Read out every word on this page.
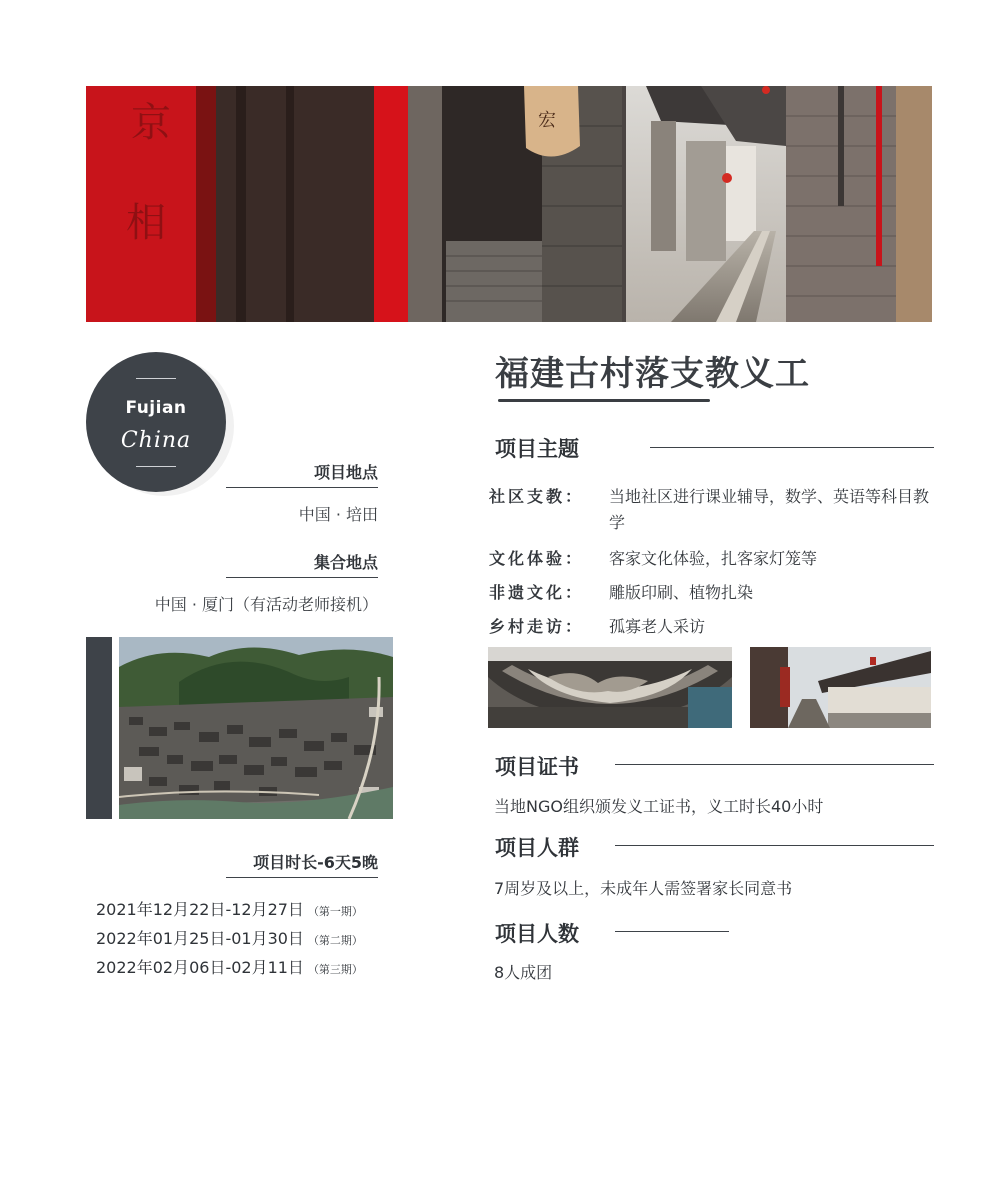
京
相
宏
Fujian
China
项目地点
中国 · 培田
集合地点
中国 · 厦门（有活动老师接机）
项目时长-6天5晚
2021年12月22日-12月27日 （第一期）
2022年01月25日-01月30日 （第二期）
2022年02月06日-02月11日 （第三期）
福建古村落支教义工
项目主题
社区支教：	当地社区进行课业辅导，数学、英语等科目教学
文化体验：	客家文化体验，扎客家灯笼等
非遗文化：	雕版印刷、植物扎染
乡村走访：	孤寡老人采访
项目证书
当地NGO组织颁发义工证书，义工时长40小时
项目人群
7周岁及以上，未成年人需签署家长同意书
项目人数
8人成团
